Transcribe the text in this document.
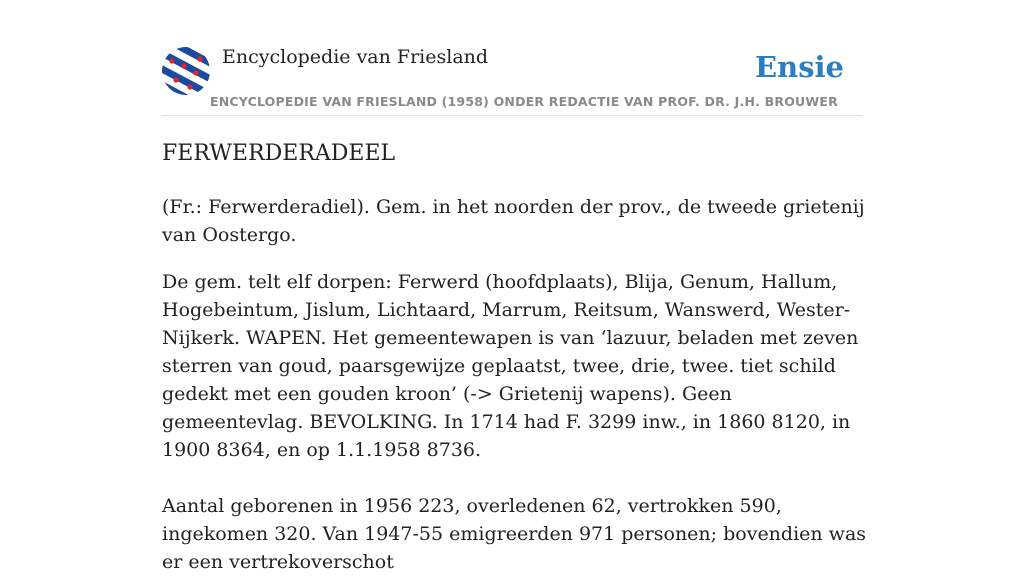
Encyclopedie van Friesland
ENCYCLOPEDIE VAN FRIESLAND (1958) ONDER REDACTIE VAN PROF. DR. J.H. BROUWER
Ensie
FERWERDERADEEL

(Fr.: Ferwerderadiel). Gem. in het noorden der prov., de tweede grietenij van Oostergo.

De gem. telt elf dorpen: Ferwerd (hoofdplaats), Blija, Genum, Hallum, Hogebeintum, Jislum, Lichtaard, Marrum, Reitsum, Wanswerd, Wester-Nijkerk. WAPEN. Het gemeentewapen is van ‘lazuur, beladen met zeven sterren van goud, paarsgewijze geplaatst, twee, drie, twee. tiet schild gedekt met een gouden kroon’ (-> Grietenij wapens). Geen gemeentevlag. BEVOLKING. In 1714 had F. 3299 inw., in 1860 8120, in 1900 8364, en op 1.1.1958 8736.

Aantal geborenen in 1956 223, overledenen 62, vertrokken 590, ingekomen 320. Van 1947-55 emigreerden 971 personen; bovendien was er een vertrekoverschot
